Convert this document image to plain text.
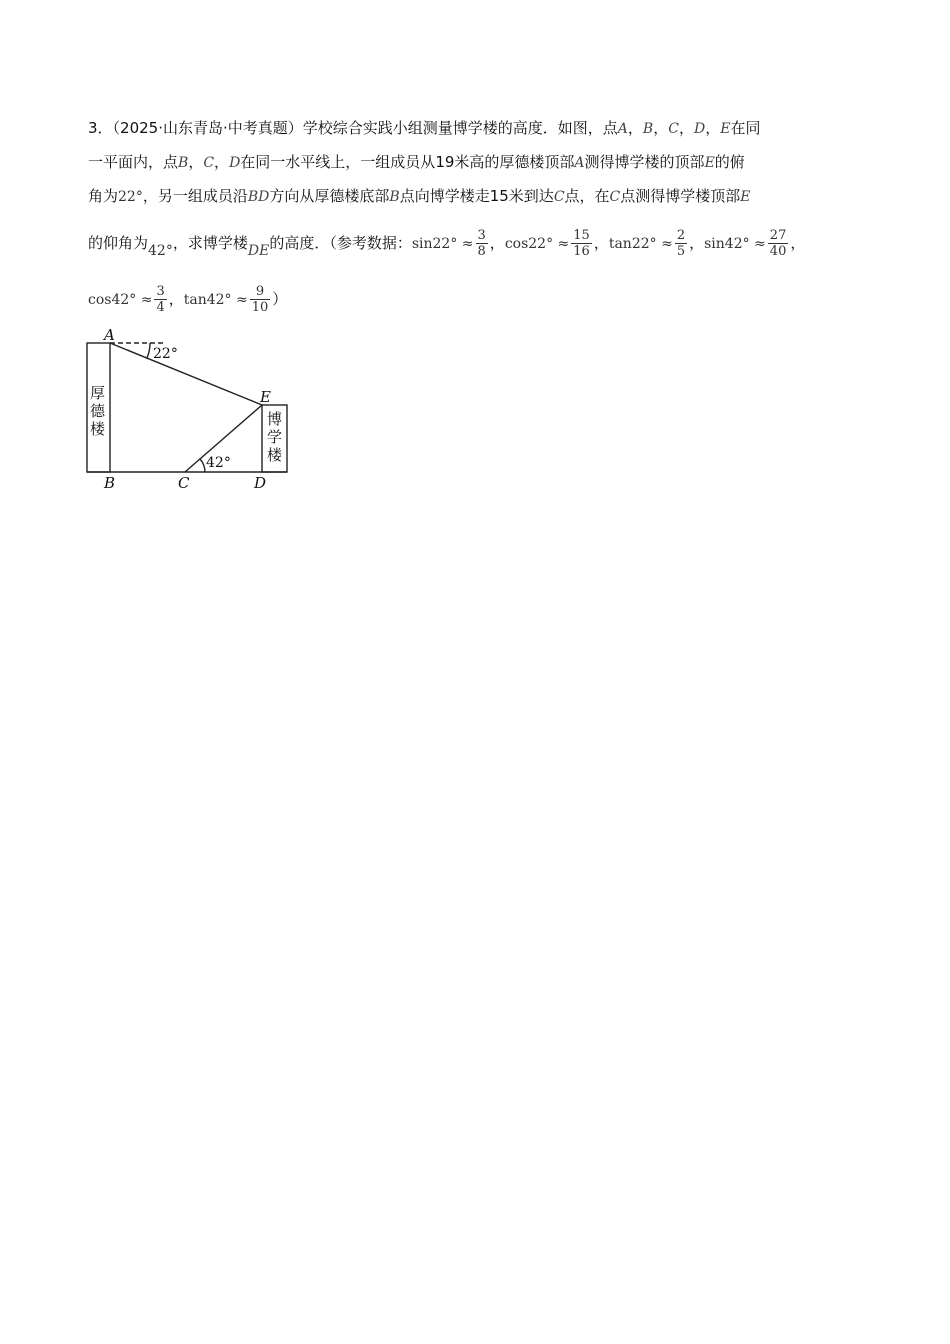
3．（2025·山东青岛·中考真题）学校综合实践小组测量博学楼的高度．如图，点A，B，C，D，E在同
一平面内，点B，C，D在同一水平线上，一组成员从19米高的厚德楼顶部A测得博学楼的顶部E的俯
角为22°，另一组成员沿BD方向从厚德楼底部B点向博学楼走15米到达C点，在C点测得博学楼顶部E
的仰角为42°，求博学楼DE的高度．（参考数据：$\sin 22^\circ \approx \frac{3}{8}$ ，$\cos 22^\circ \approx \frac{15}{16}$ ，$\tan 22^\circ \approx \frac{2}{5}$ ，$\sin 42^\circ \approx \frac{27}{40}$ ，
$\cos 42^\circ \approx \frac{3}{4}$ ，$\tan 42^\circ \approx \frac{9}{10}$ ）
A
B	C	D
E
22°
42°
厚
德
楼
博
学
楼
